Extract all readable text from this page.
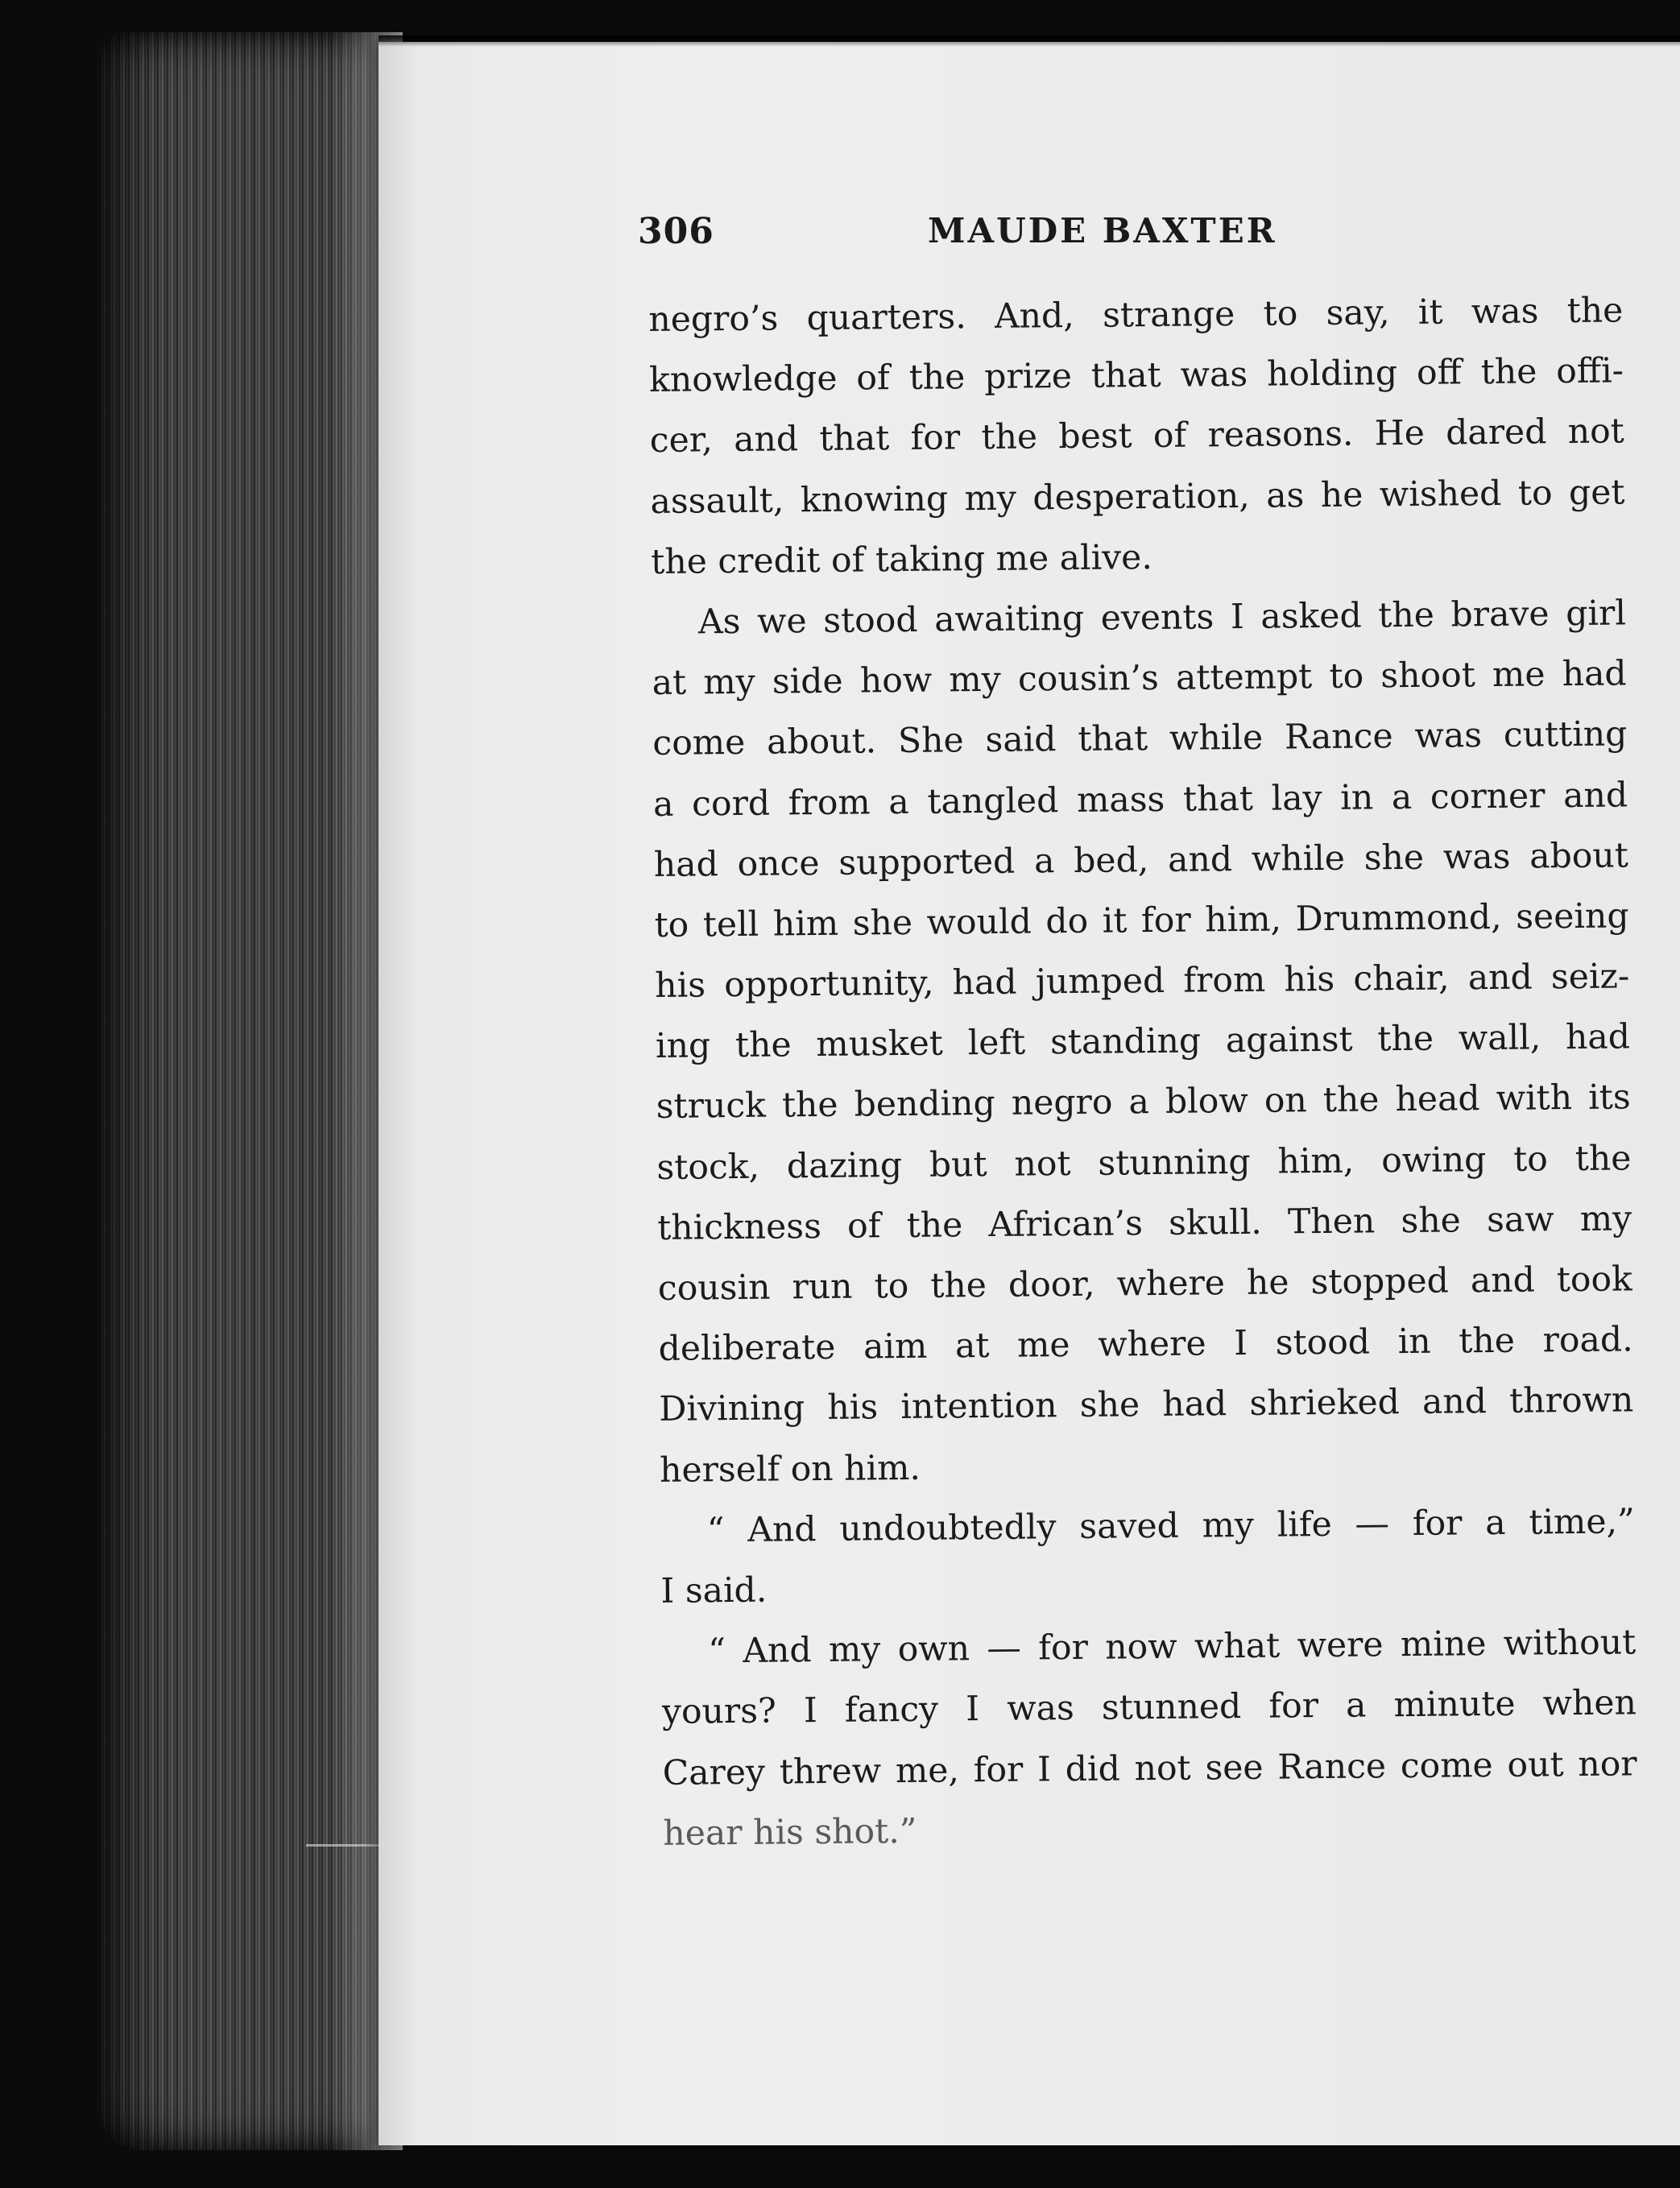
306	MAUDE BAXTER
negro’s quarters. And, strange to say, it was the
knowledge of the prize that was holding off the offi-
cer, and that for the best of reasons. He dared not
assault, knowing my desperation, as he wished to get
the credit of taking me alive.
As we stood awaiting events I asked the brave girl
at my side how my cousin’s attempt to shoot me had
come about. She said that while Rance was cutting
a cord from a tangled mass that lay in a corner and
had once supported a bed, and while she was about
to tell him she would do it for him, Drummond, seeing
his opportunity, had jumped from his chair, and seiz-
ing the musket left standing against the wall, had
struck the bending negro a blow on the head with its
stock, dazing but not stunning him, owing to the
thickness of the African’s skull. Then she saw my
cousin run to the door, where he stopped and took
deliberate aim at me where I stood in the road.
Divining his intention she had shrieked and thrown
herself on him.
“ And undoubtedly saved my life — for a time,”
I said.
“ And my own — for now what were mine without
yours? I fancy I was stunned for a minute when
Carey threw me, for I did not see Rance come out nor
hear his shot.”
